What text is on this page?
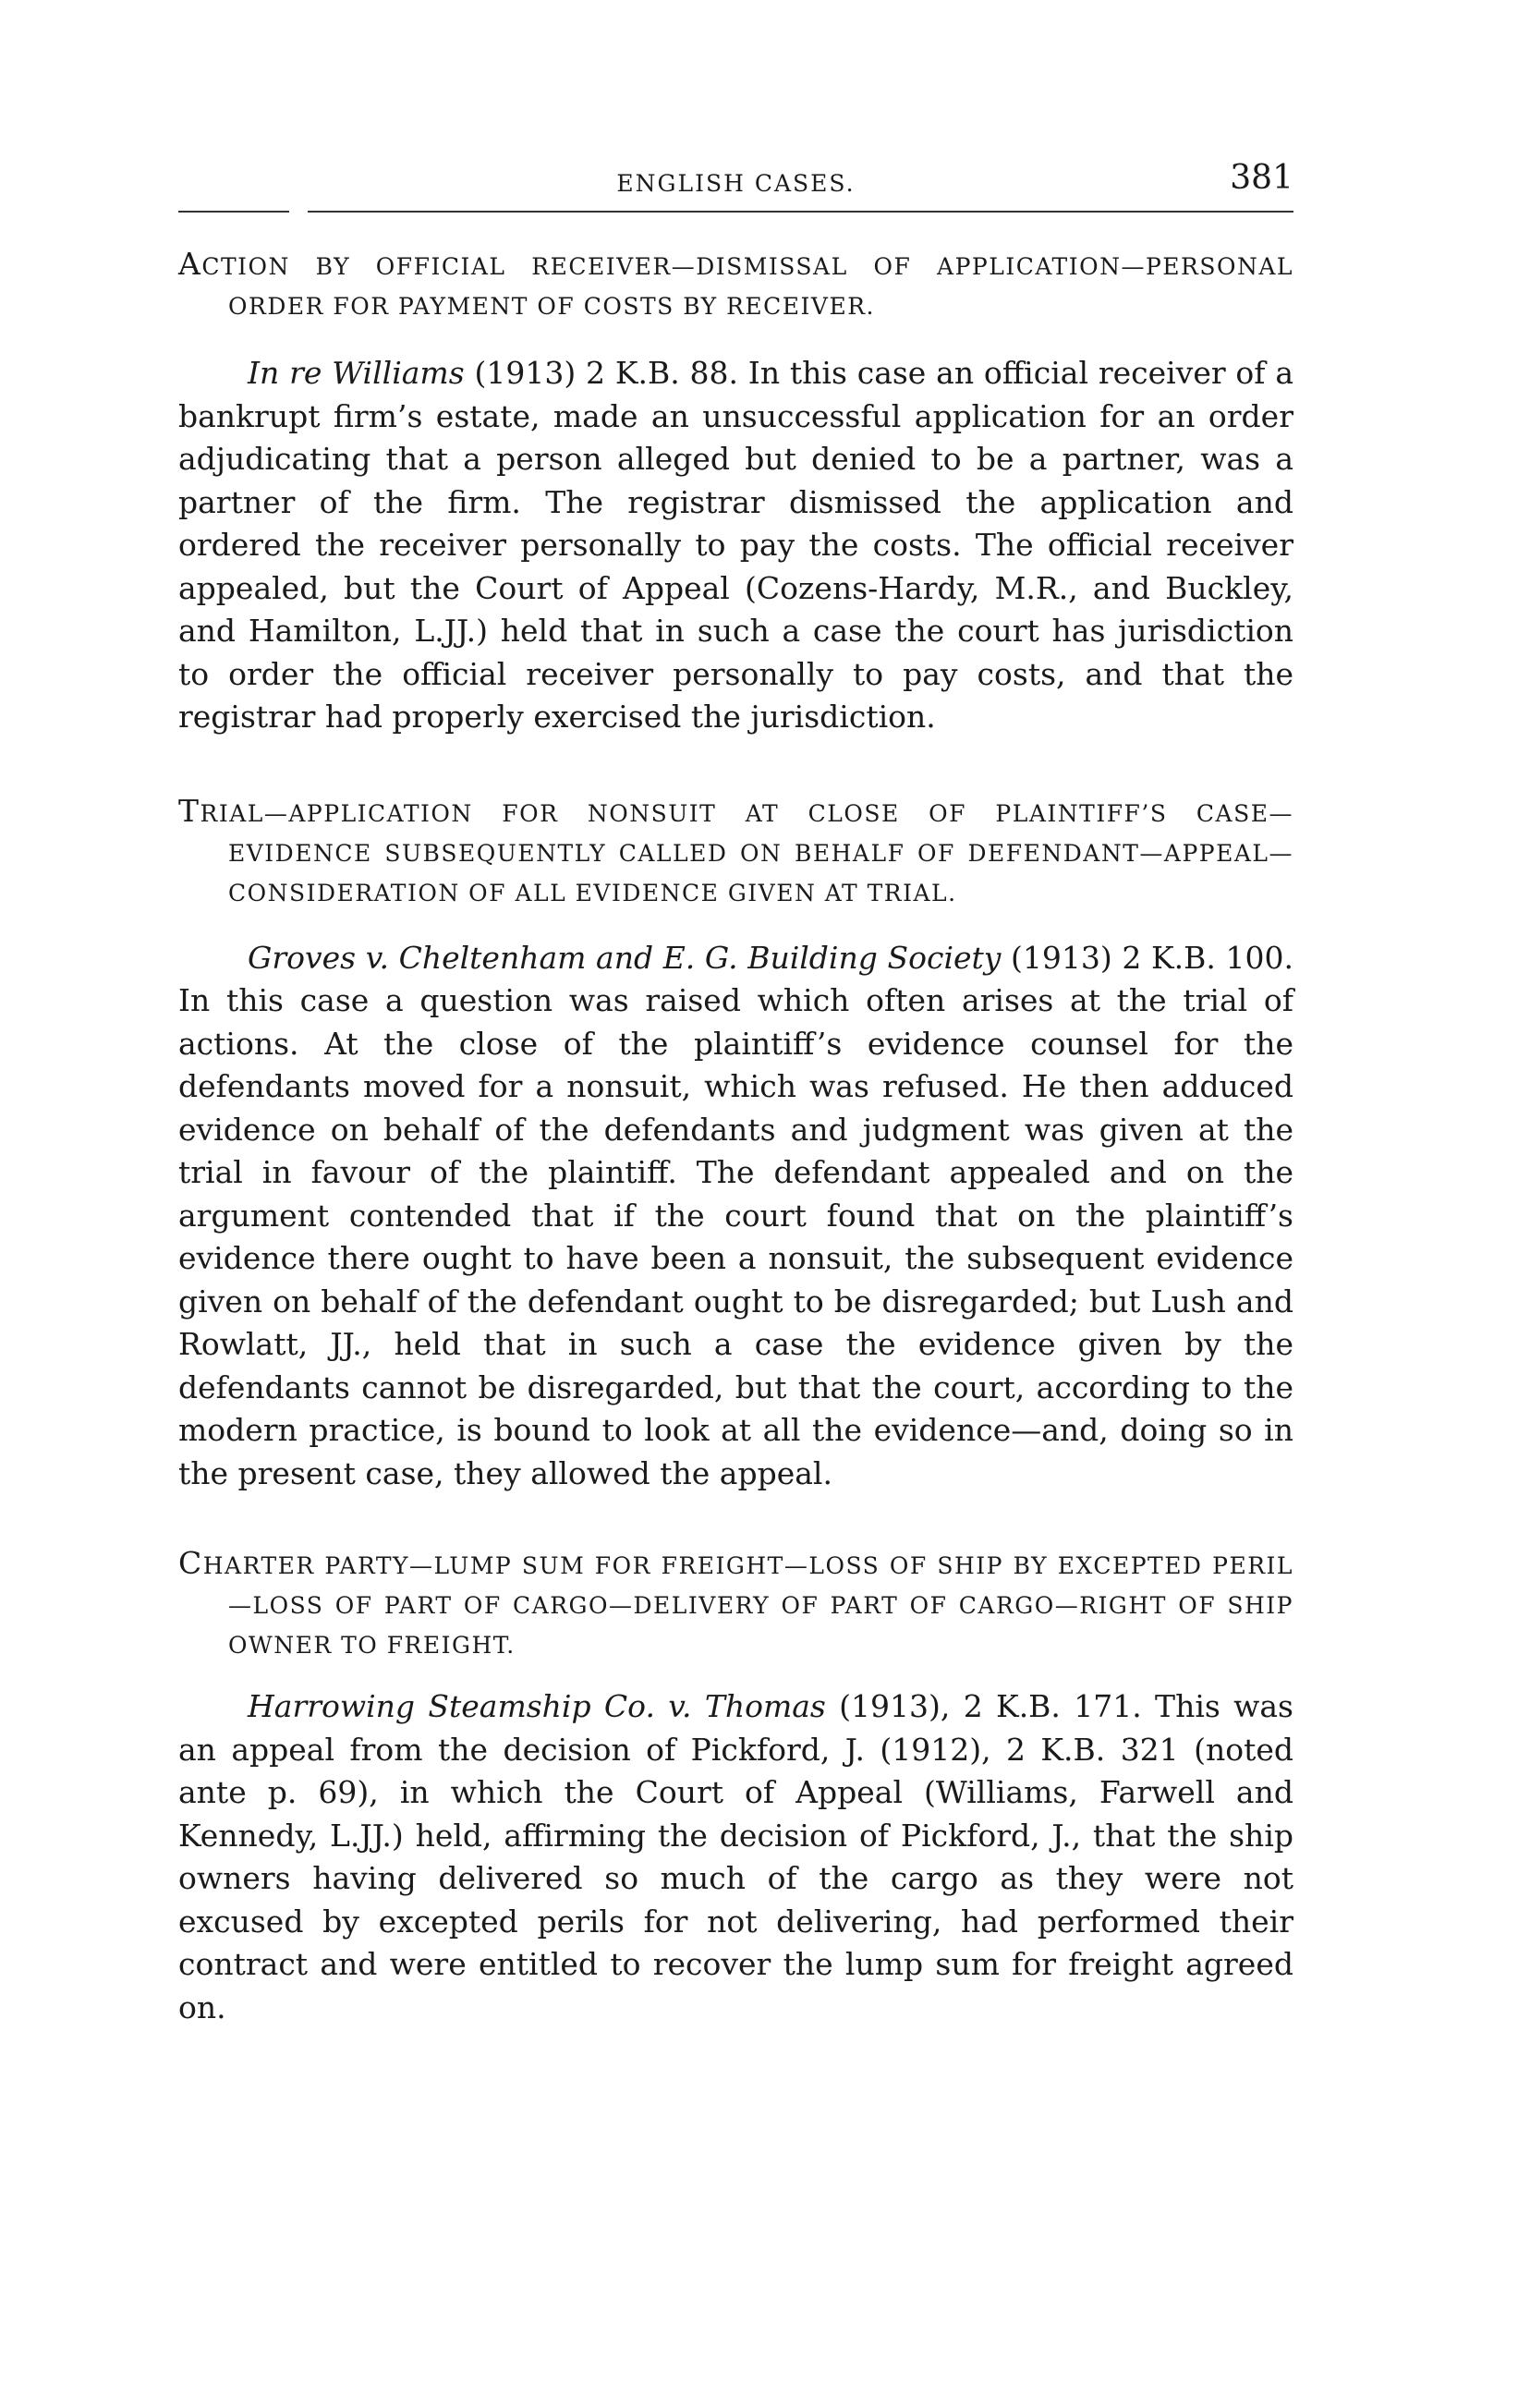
ENGLISH CASES.	381

ACTION BY OFFICIAL RECEIVER—DISMISSAL OF APPLICATION—PERSONAL ORDER FOR PAYMENT OF COSTS BY RECEIVER.

In re Williams (1913) 2 K.B. 88. In this case an official receiver of a bankrupt firm’s estate, made an unsuccessful application for an order adjudicating that a person alleged but denied to be a partner, was a partner of the firm. The registrar dismissed the application and ordered the receiver personally to pay the costs. The official receiver appealed, but the Court of Appeal (Cozens-Hardy, M.R., and Buckley, and Hamilton, L.JJ.) held that in such a case the court has jurisdiction to order the official receiver personally to pay costs, and that the registrar had properly exercised the jurisdiction.

TRIAL—APPLICATION FOR NONSUIT AT CLOSE OF PLAINTIFF’S CASE—EVIDENCE SUBSEQUENTLY CALLED ON BEHALF OF DEFENDANT—APPEAL—CONSIDERATION OF ALL EVIDENCE GIVEN AT TRIAL.

Groves v. Cheltenham and E. G. Building Society (1913) 2 K.B. 100. In this case a question was raised which often arises at the trial of actions. At the close of the plaintiff’s evidence counsel for the defendants moved for a nonsuit, which was refused. He then adduced evidence on behalf of the defendants and judgment was given at the trial in favour of the plaintiff. The defendant appealed and on the argument contended that if the court found that on the plaintiff’s evidence there ought to have been a nonsuit, the subsequent evidence given on behalf of the defendant ought to be disregarded; but Lush and Rowlatt, JJ., held that in such a case the evidence given by the defendants cannot be disregarded, but that the court, according to the modern practice, is bound to look at all the evidence—and, doing so in the present case, they allowed the appeal.

CHARTER PARTY—LUMP SUM FOR FREIGHT—LOSS OF SHIP BY EXCEPTED PERIL—LOSS OF PART OF CARGO—DELIVERY OF PART OF CARGO—RIGHT OF SHIP OWNER TO FREIGHT.

Harrowing Steamship Co. v. Thomas (1913), 2 K.B. 171. This was an appeal from the decision of Pickford, J. (1912), 2 K.B. 321 (noted ante p. 69), in which the Court of Appeal (Williams, Farwell and Kennedy, L.JJ.) held, affirming the decision of Pickford, J., that the ship owners having delivered so much of the cargo as they were not excused by excepted perils for not delivering, had performed their contract and were entitled to recover the lump sum for freight agreed on.
